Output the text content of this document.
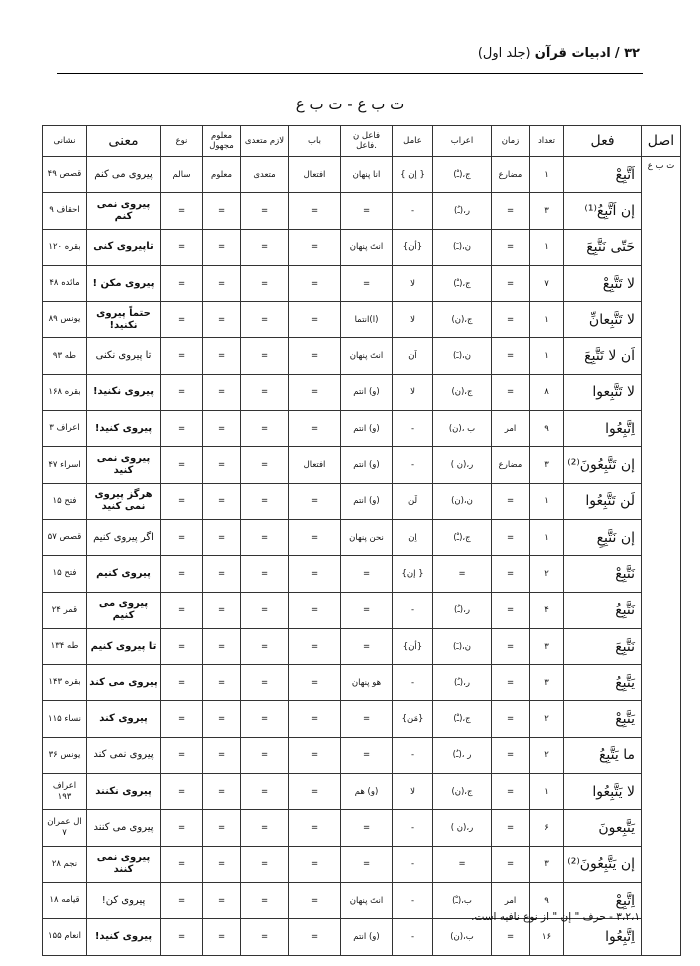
۳۲ / ادبیات قرآن (جلد اول)
ت ب ع - ت ب ع
اصل	فعل	تعداد	زمان	اعراب	عامل	فاعل ن .فاعل	باب	لازم متعدی	معلوم مجهول	نوع	معنی	نشانی
ت ب ع	اَتَّبِعْ	۱	مضارع	ج،(ـْ)	{ إن }	انا پنهان	افتعال	متعدی	معلوم	سالم	پیروی می کنم	قصص ۴۹
	إن اَتَّبِعُ⁽¹⁾	۳	=	ر،(ـُ)	-	=	=	=	=	=	پیروی نمی کنم	احقاف ۹
	حَتّی نَتَّبِعَ	۱	=	ن،(ـَ)	{أن}	انتَ پنهان	=	=	=	=	تاپیروی کنی	بقره ۱۲۰
	لا تَتَّبِعْ	۷	=	ج،(ـْ)	لا	=	=	=	=	=	پیروی مکن !	مائده ۴۸
	لا تَتَّبِعانِّ	۱	=	ج،(ن)	لا	(ا)انتما	=	=	=	=	حتماً پیروی نکنید!	یونس ۸۹
	اَن لا تَتَّبِعَ	۱	=	ن،(ـَ)	اَن	انتَ پنهان	=	=	=	=	تا پیروی نکنی	طه ۹۳
	لا تَتَّبِعوا	۸	=	ج،(ن)	لا	(و) انتم	=	=	=	=	پیروی نکنید!	بقره ۱۶۸
	اِتَّبِعُوا	۹	امر	ب ،(ن)	-	(و) انتم	=	=	=	=	پیروی کنید!	اعراف ۳
	إن تَتَّبِعُونَ⁽²⁾	۳	مضارع	ر،(ن )	-	(و) انتم	افتعال	=	=	=	پیروی نمی کنید	اسراء ۴۷
	لَن تَتَّبِعُوا	۱	=	ن،(ن)	لَن	(و) انتم	=	=	=	=	هرگز پیروی نمی کنید	فتح ۱۵
	إن نَتَّبِعِ	۱	=	ج،(ـْ)	اِن	نحن پنهان	=	=	=	=	اگر پیروی کنیم	قصص ۵۷
	نَتَّبِعْ	۲	=	=	{ إن}	=	=	=	=	=	پیروی کنیم	فتح ۱۵
	نَتَّبِعُ	۴	=	ر،(ـُ)	-	=	=	=	=	=	پیروی می کنیم	قمر ۲۴
	نَتَّبِعَ	۳	=	ن،(ـَ)	{أن}	=	=	=	=	=	تا پیروی کنیم	طه ۱۳۴
	يَتَّبِعُ	۳	=	ر،(ـُ)	-	هو پنهان	=	=	=	=	پیروی می کند	بقره ۱۴۳
	يَتَّبِعْ	۲	=	ج،(ـْ)	{مَن}	=	=	=	=	=	پیروی کند	نساء ۱۱۵
	ما يَتَّبِعُ	۲	=	ر ،(ـُ)	-	=	=	=	=	=	پیروی نمی کند	یونس ۳۶
	لا يَتَّبِعُوا	۱	=	ج،(ن)	لا	(و) هم	=	=	=	=	پیروی نکنند	اعراف ۱۹۳
	يَتَّبِعونَ	۶	=	ر،(ن )	-	=	=	=	=	=	پیروی می کنند	ال عمران ۷
	إن يَتَّبِعُونَ⁽²⁾	۳	=	=	-	=	=	=	=	=	پیروی نمی کنند	نجم ۲۸
	اِتَّبِعْ	۹	امر	ب،(ـْ)	-	انتَ پنهان	=	=	=	=	پیروی کن!	قیامه ۱۸
	اِتَّبِعُوا	۱۶	=	ب،(ن)	-	(و) انتم	=	=	=	=	پیروی کنید!	انعام ۱۵۵
۳،۲،۱ - حرف " إن " از نوع نافیه است.
